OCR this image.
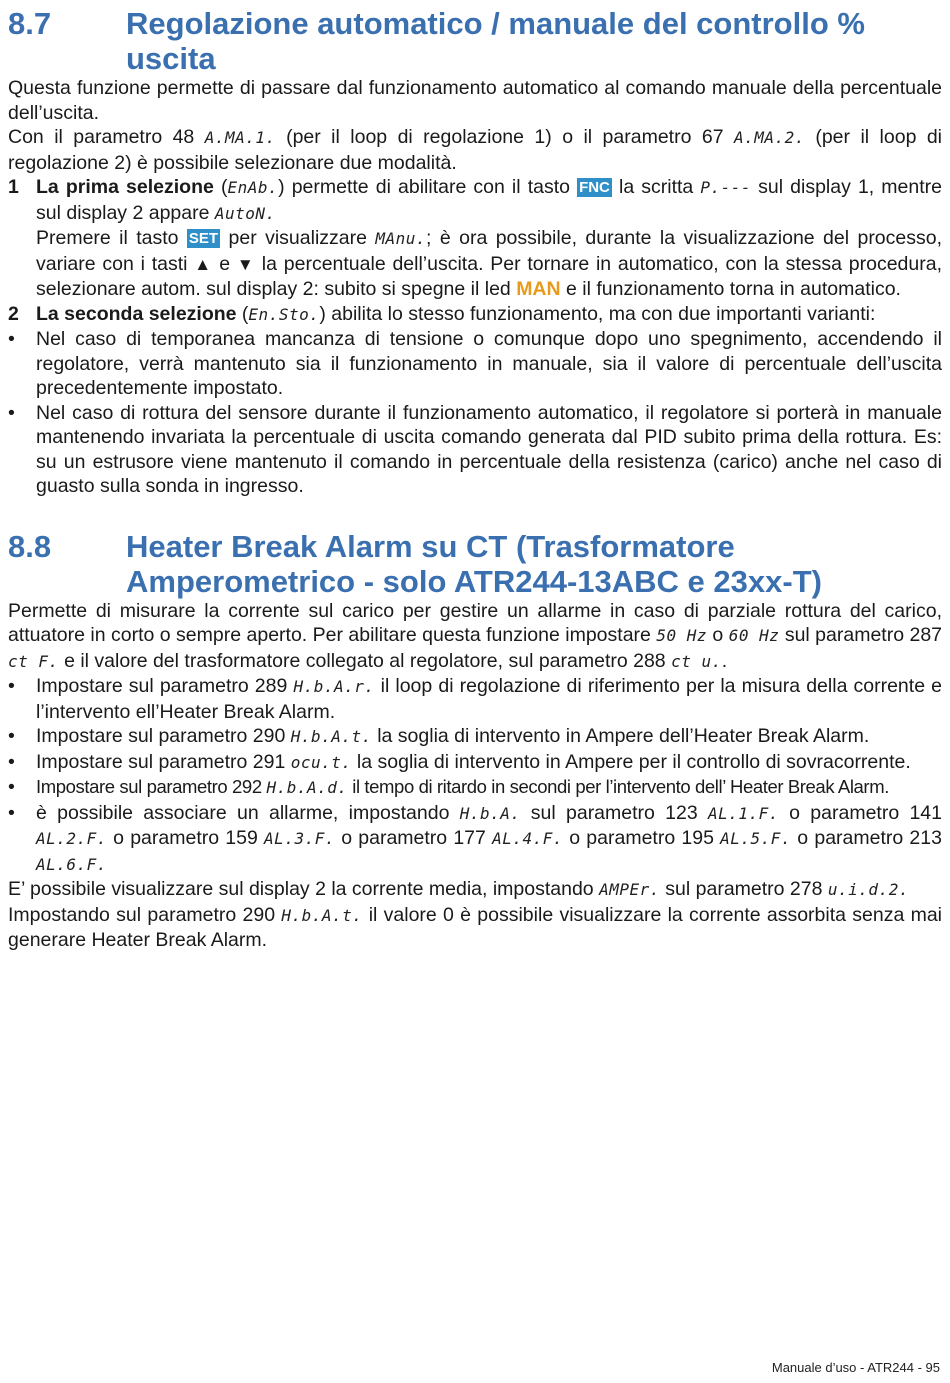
8.7	Regolazione automatico / manuale del controllo % uscita

Questa funzione permette di passare dal funzionamento automatico al comando manuale della percentuale dell’uscita.

Con il parametro 48 A.MA.1. (per il loop di regolazione 1) o il parametro 67 A.MA.2. (per il loop di regolazione 2) è possibile selezionare due modalità.

1 La prima selezione (EnAb.) permette di abilitare con il tasto FNC la scritta P.--- sul display 1, mentre sul display 2 appare AutoN.
Premere il tasto SET per visualizzare MAnu.; è ora possibile, durante la visualizzazione del processo, variare con i tasti ▲ e ▼ la percentuale dell’uscita. Per tornare in automatico, con la stessa procedura, selezionare autom. sul display 2: subito si spegne il led MAN e il funzionamento torna in automatico.
2 La seconda selezione (En.Sto.) abilita lo stesso funzionamento, ma con due importanti varianti:
•	Nel caso di temporanea mancanza di tensione o comunque dopo uno spegnimento, accendendo il regolatore, verrà mantenuto sia il funzionamento in manuale, sia il valore di percentuale dell’uscita precedentemente impostato.
•	Nel caso di rottura del sensore durante il funzionamento automatico, il regolatore si porterà in manuale mantenendo invariata la percentuale di uscita comando generata dal PID subito prima della rottura. Es: su un estrusore viene mantenuto il comando in percentuale della resistenza (carico) anche nel caso di guasto sulla sonda in ingresso.
8.8	Heater Break Alarm su CT (Trasformatore Amperometrico - solo ATR244-13ABC e 23xx-T)

Permette di misurare la corrente sul carico per gestire un allarme in caso di parziale rottura del carico, attuatore in corto o sempre aperto. Per abilitare questa funzione impostare 50 Hz o 60 Hz sul parametro 287 ct F. e il valore del trasformatore collegato al regolatore, sul parametro 288 ct u..

•	Impostare sul parametro 289 H.b.A.r. il loop di regolazione di riferimento per la misura della corrente e l’intervento ell’Heater Break Alarm.
•	Impostare sul parametro 290 H.b.A.t. la soglia di intervento in Ampere dell’Heater Break Alarm.
•	Impostare sul parametro 291 ocu.t. la soglia di intervento in Ampere per il controllo di sovracorrente.
•	Impostare sul parametro 292 H.b.A.d. il tempo di ritardo in secondi per l’intervento dell’ Heater Break Alarm.
•	è possibile associare un allarme, impostando H.b.A. sul parametro 123 AL.1.F. o parametro 141 AL.2.F. o parametro 159 AL.3.F. o parametro 177 AL.4.F. o parametro 195 AL.5.F. o parametro 213 AL.6.F.

E’ possibile visualizzare sul display 2 la corrente media, impostando AMPEr. sul parametro 278 u.i.d.2.

Impostando sul parametro 290 H.b.A.t. il valore 0 è possibile visualizzare la corrente assorbita senza mai generare Heater Break Alarm.

Manuale d’uso - ATR244 - 95
